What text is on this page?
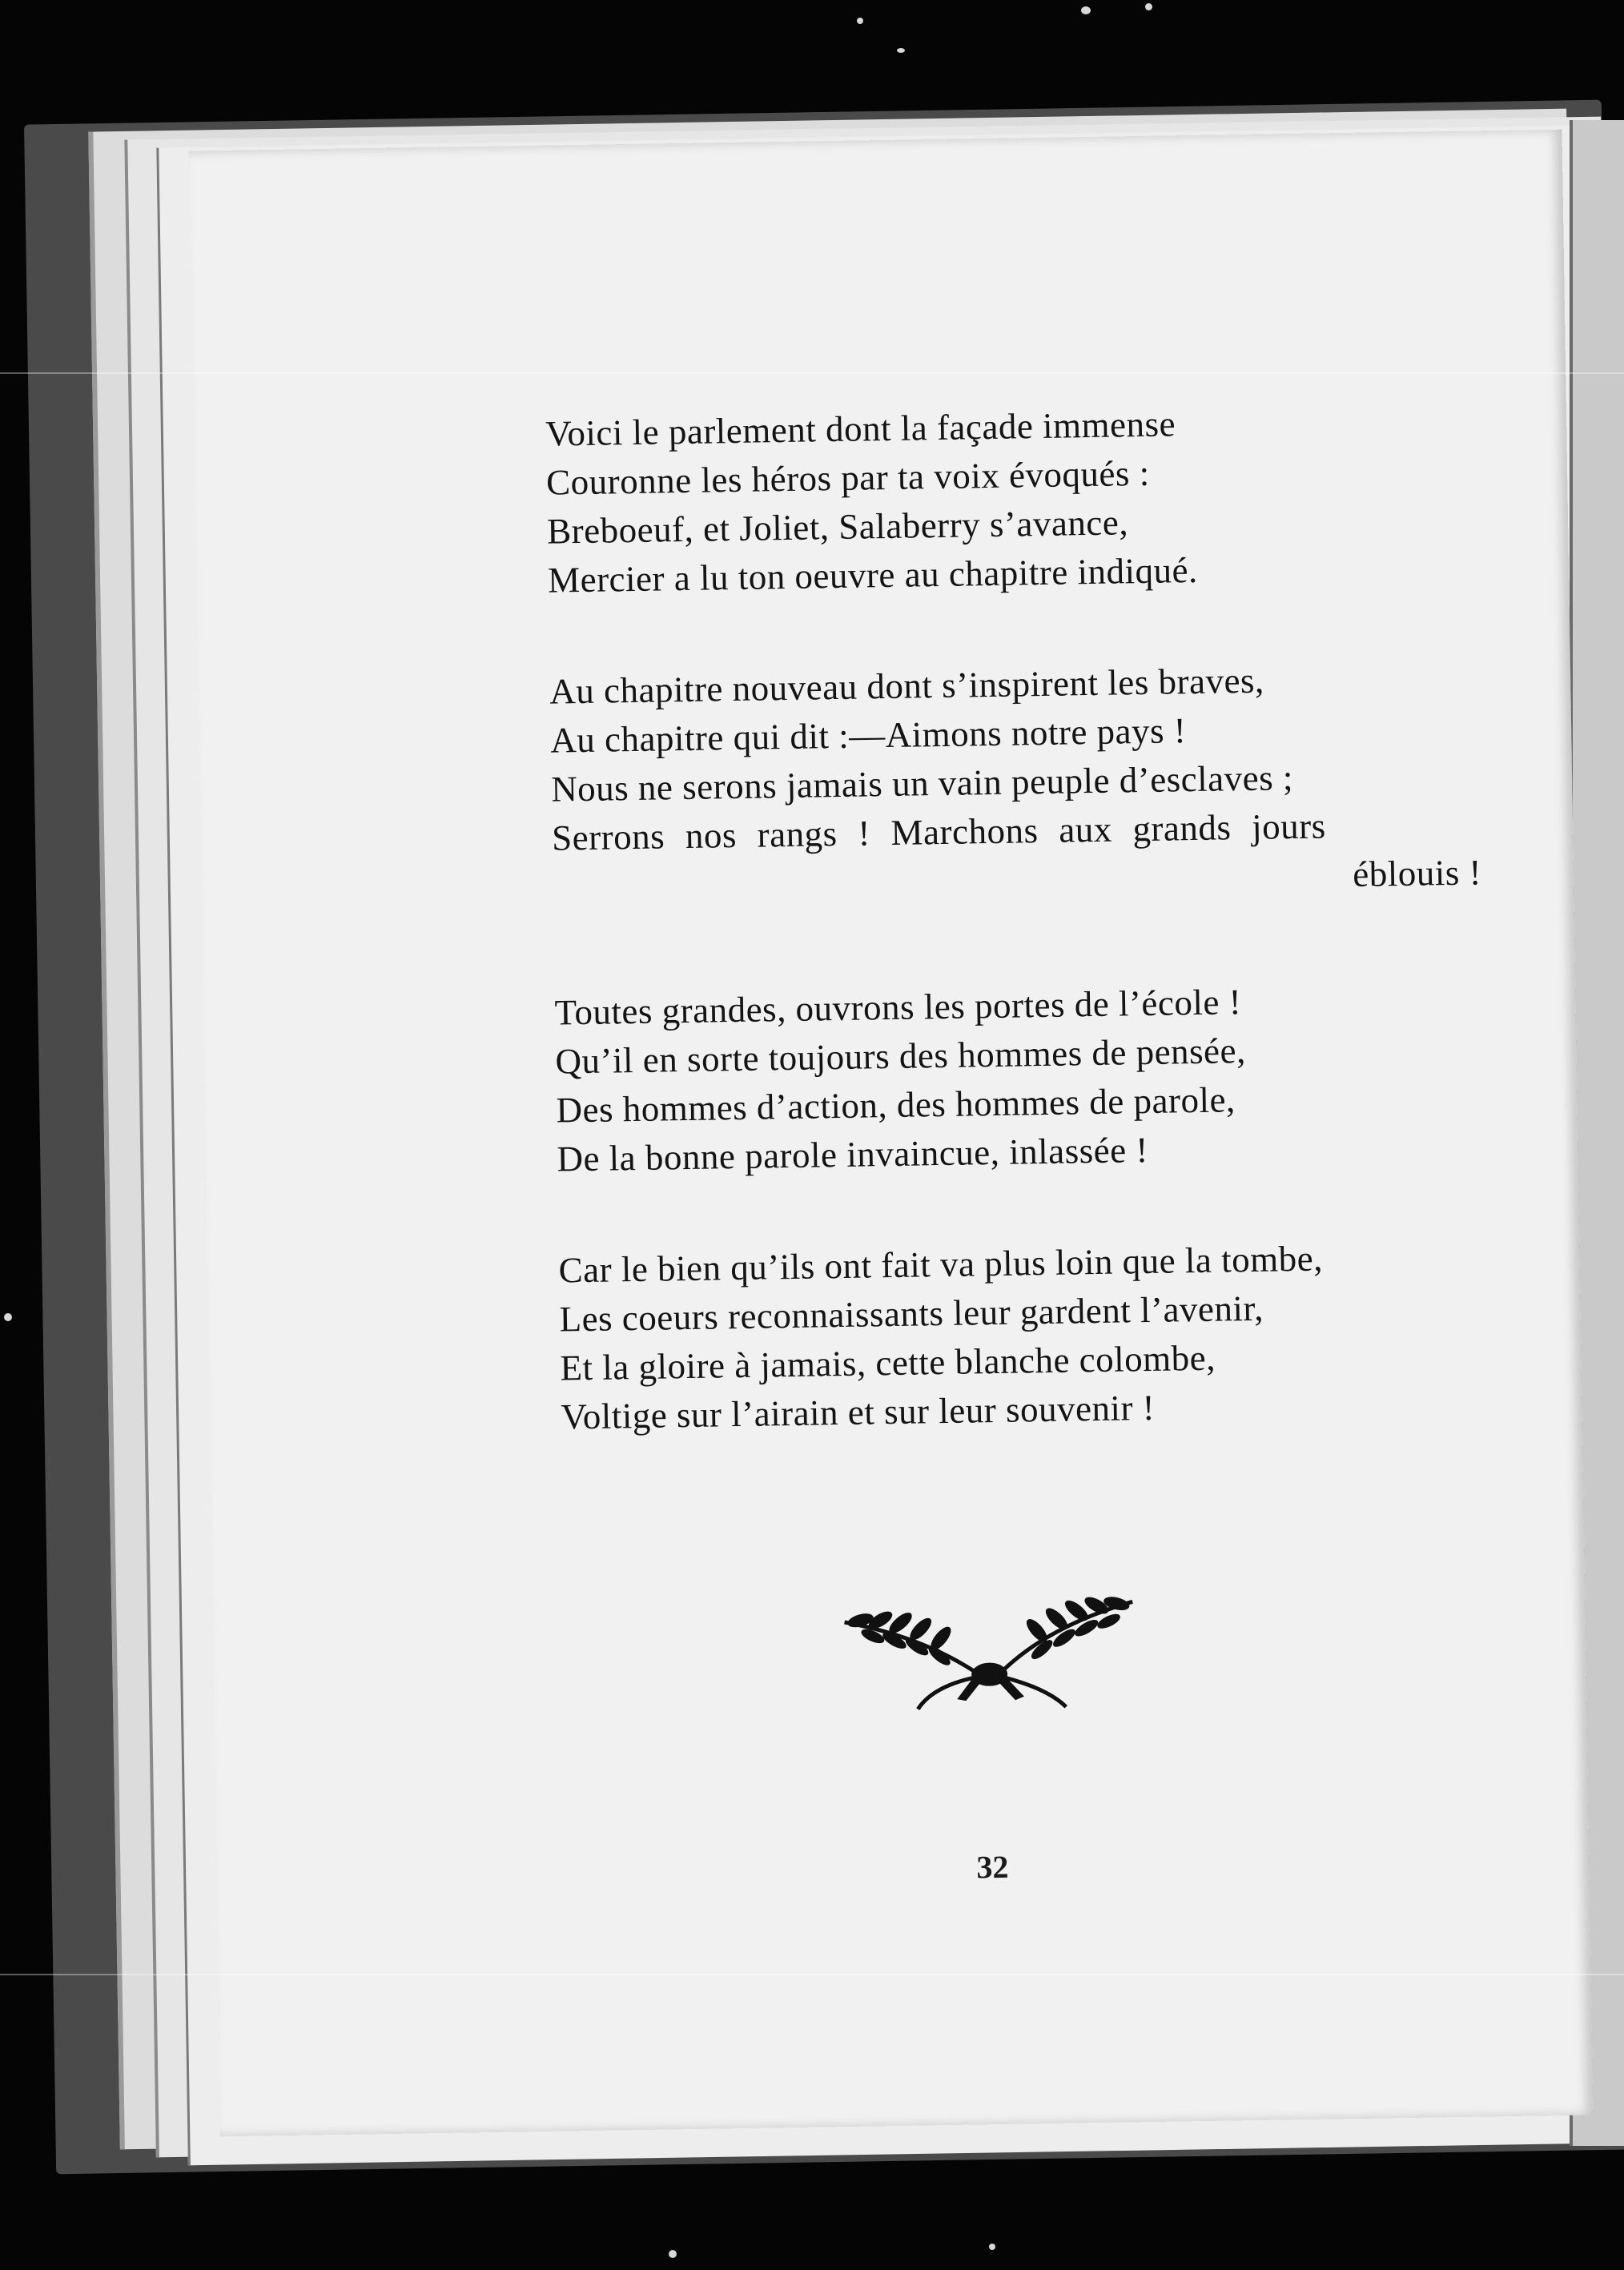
Voici le parlement dont la façade immense
Couronne les héros par ta voix évoqués :
Breboeuf, et Joliet, Salaberry s’avance,
Mercier a lu ton oeuvre au chapitre indiqué.
Au chapitre nouveau dont s’inspirent les braves,
Au chapitre qui dit :—Aimons notre pays !
Nous ne serons jamais un vain peuple d’esclaves ;
Serrons nos rangs ! Marchons aux grands jours
éblouis !
Toutes grandes, ouvrons les portes de l’école !
Qu’il en sorte toujours des hommes de pensée,
Des hommes d’action, des hommes de parole,
De la bonne parole invaincue, inlassée !
Car le bien qu’ils ont fait va plus loin que la tombe,
Les coeurs reconnaissants leur gardent l’avenir,
Et la gloire à jamais, cette blanche colombe,
Voltige sur l’airain et sur leur souvenir !
32
